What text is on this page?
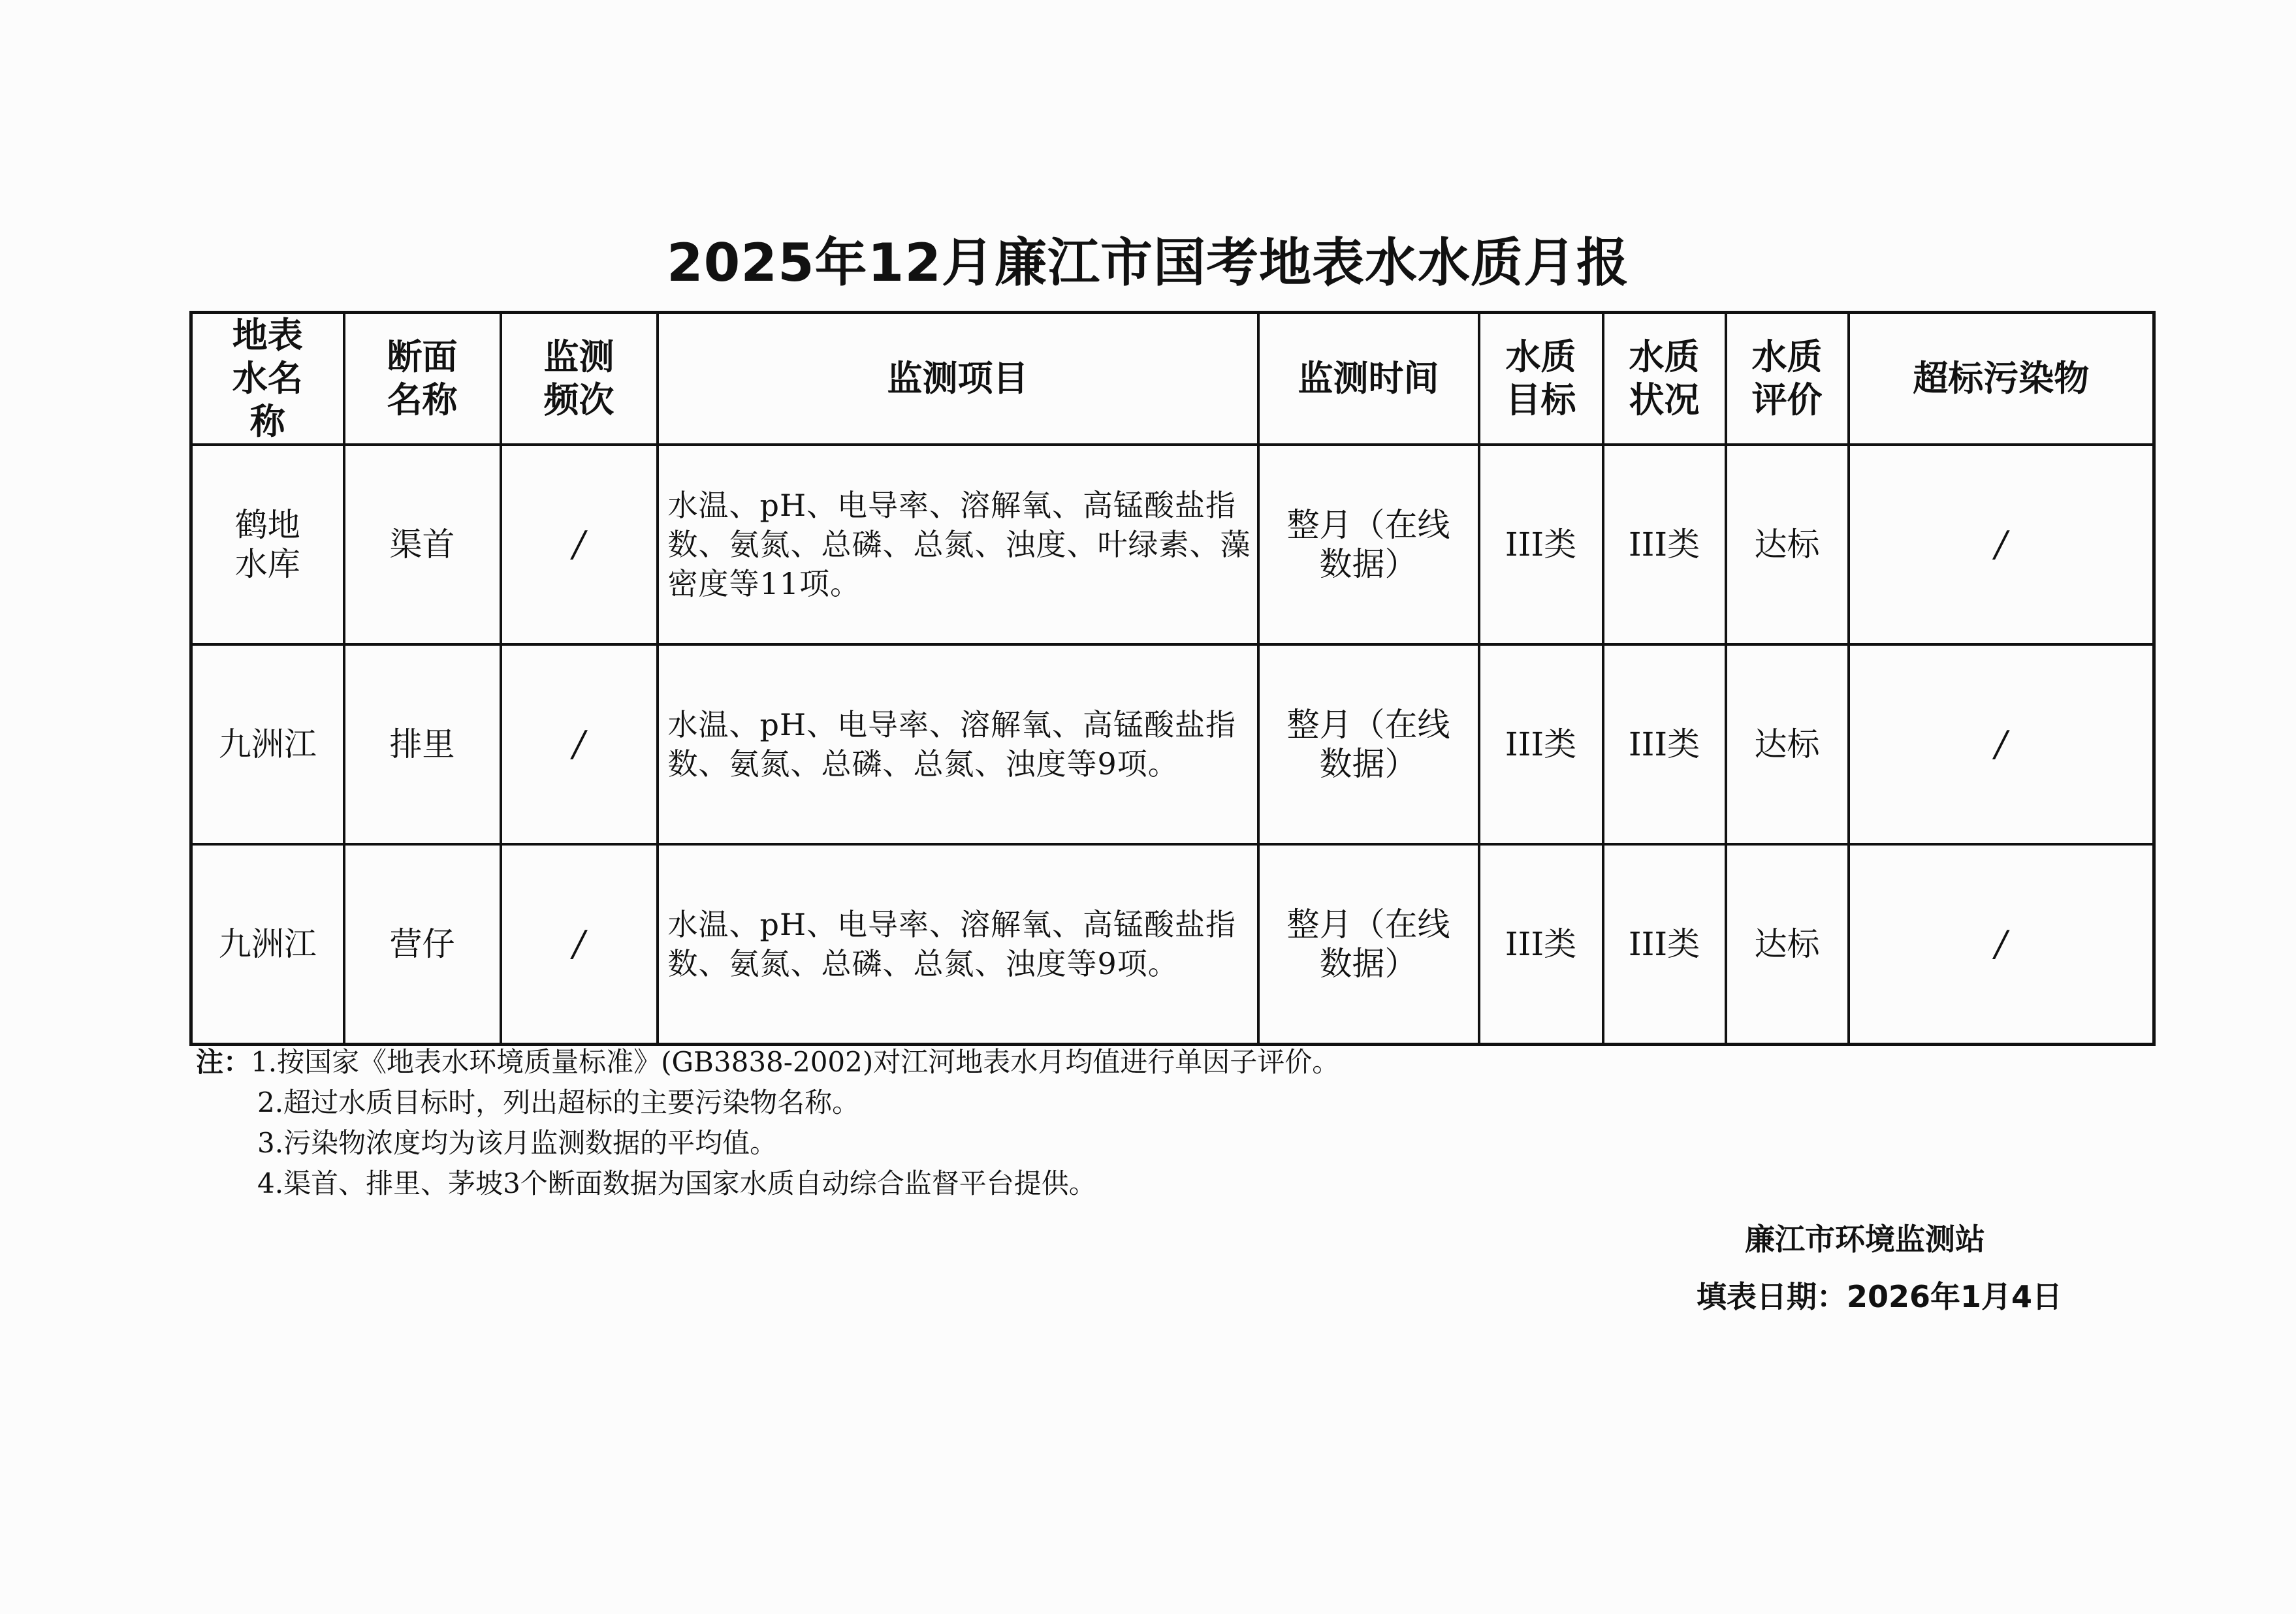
2025年12月廉江市国考地表水水质月报
地表水名称	断面名称	监测频次	监测项目	监测时间	水质目标	水质状况	水质评价	超标污染物

鹤地水库	渠首	/	水温、pH、电导率、溶解氧、高锰酸盐指数、氨氮、总磷、总氮、浊度、叶绿素、藻密度等11项。	整月（在线数据）	III类	III类	达标	/
九洲江	排里	/	水温、pH、电导率、溶解氧、高锰酸盐指数、氨氮、总磷、总氮、浊度等9项。	整月（在线数据）	III类	III类	达标	/
九洲江	营仔	/	水温、pH、电导率、溶解氧、高锰酸盐指数、氨氮、总磷、总氮、浊度等9项。	整月（在线数据）	III类	III类	达标	/
注：1.按国家《地表水环境质量标准》(GB3838-2002)对江河地表水月均值进行单因子评价。
2.超过水质目标时，列出超标的主要污染物名称。
3.污染物浓度均为该月监测数据的平均值。
4.渠首、排里、茅坡3个断面数据为国家水质自动综合监督平台提供。
廉江市环境监测站
填表日期：2026年1月4日
